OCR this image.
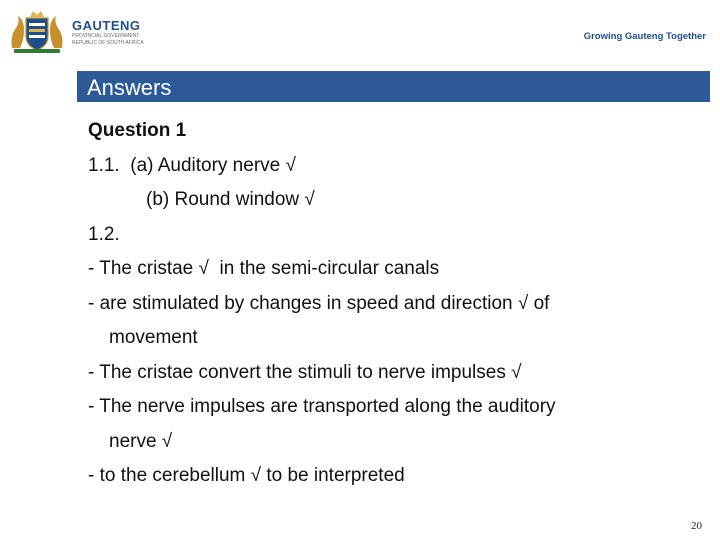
GAUTENG
PROVINCIAL GOVERNMENT
REPUBLIC OF SOUTH AFRICA
Growing Gauteng Together
Answers
Question 1
1.1.  (a) Auditory nerve √
(b) Round window √
1.2.
- The cristae √  in the semi-circular canals
- are stimulated by changes in speed and direction √ of
movement
- The cristae convert the stimuli to nerve impulses √
- The nerve impulses are transported along the auditory
nerve √
- to the cerebellum √ to be interpreted
20
